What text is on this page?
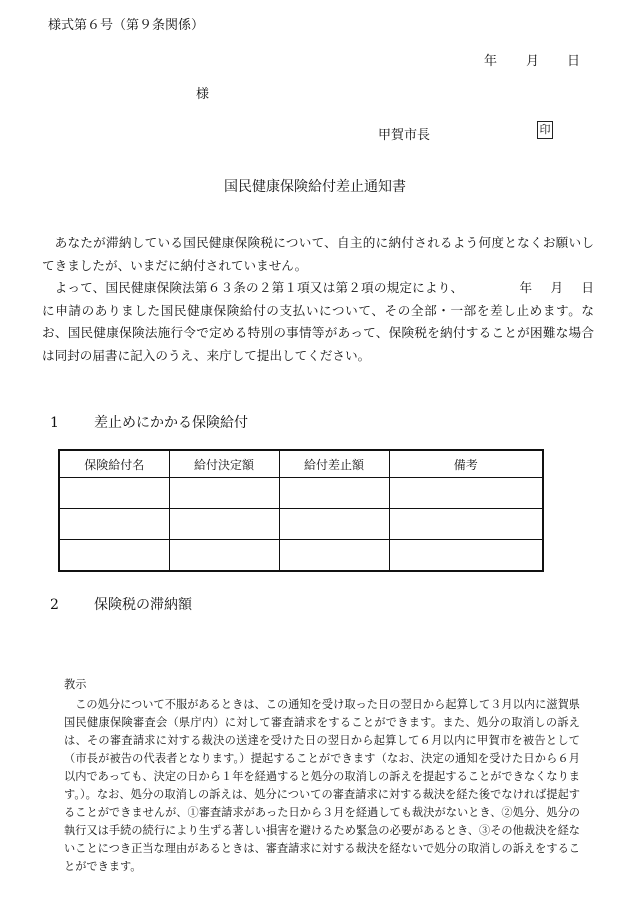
様式第６号（第９条関係）
年 月 日
様
甲賀市長	印
国民健康保険給付差止通知書

あなたが滞納している国民健康保険税について、自主的に納付されるよう何度となくお願いしてきましたが、いまだに納付されていません。

よって、国民健康保険法第６３条の２第１項又は第２項の規定により、	年 月 日に申請のありました国民健康保険給付の支払いについて、その全部・一部を差し止めます。なお、国民健康保険法施行令で定める特別の事情等があって、保険税を納付することが困難な場合は同封の届書に記入のうえ、来庁して提出してください。

1	差止めにかかる保険給付
保険給付名	給付決定額	給付差止額	備考

2	保険税の滞納額
教示

この処分について不服があるときは、この通知を受け取った日の翌日から起算して３月以内に滋賀県国民健康保険審査会（県庁内）に対して審査請求をすることができます。また、処分の取消しの訴えは、その審査請求に対する裁決の送達を受けた日の翌日から起算して６月以内に甲賀市を被告として（市長が被告の代表者となります。）提起することができます（なお、決定の通知を受けた日から６月以内であっても、決定の日から１年を経過すると処分の取消しの訴えを提起することができなくなります。）。なお、処分の取消しの訴えは、処分についての審査請求に対する裁決を経た後でなければ提起することができませんが、①審査請求があった日から３月を経過しても裁決がないとき、②処分、処分の執行又は手続の続行により生ずる著しい損害を避けるため緊急の必要があるとき、③その他裁決を経ないことにつき正当な理由があるときは、審査請求に対する裁決を経ないで処分の取消しの訴えをすることができます。
